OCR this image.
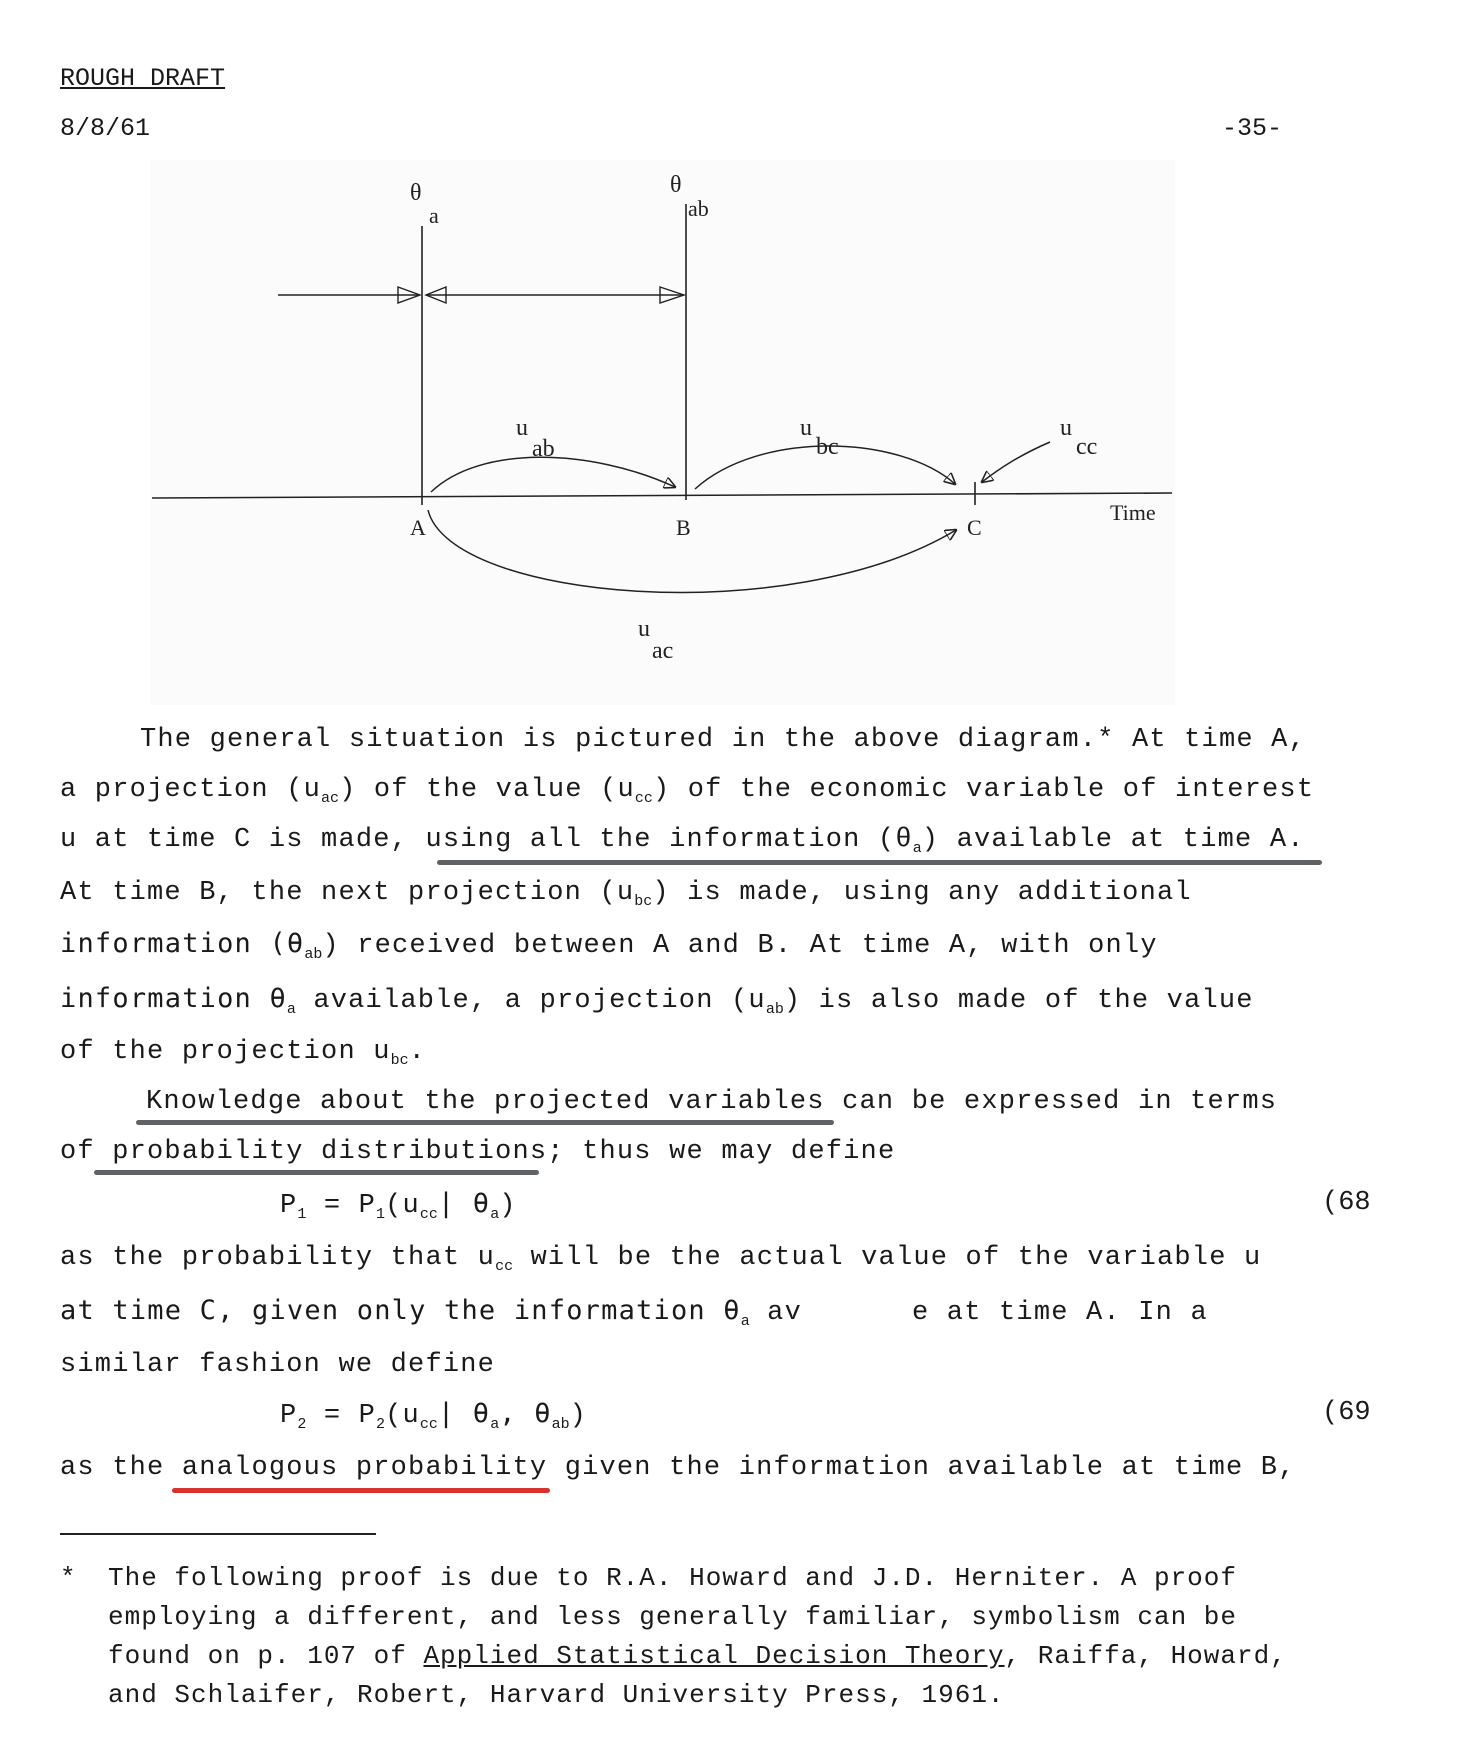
ROUGH DRAFT
8/8/61	-35-
θ
a
θ
ab
u
ab
u
bc
u
cc
u
ac
A	B	C
Time
The general situation is pictured in the above diagram.* At time A,
a projection $(u_{ac})$ of the value $(u_{cc})$ of the economic variable of interest
u at time C is made, using all the information $(\theta_a)$ available at time A.
At time B, the next projection $(u_{bc})$ is made, using any additional
information $(\theta_{ab})$ received between A and B. At time A, with only
information $\theta_a$ available, a projection $(u_{ab})$ is also made of the value
of the projection $u_{bc}$.
Knowledge about the projected variables can be expressed in terms
of probability distributions; thus we may define
$P_1 = P_1(u_{cc}|$ $\theta_a$)	(68
as the probability that $u_{cc}$ will be the actual value of the variable u
at time C, given only the information $\theta_a$ av	e at time A. In a
similar fashion we define
$P_2 = P_2(u_{cc}|$ $\theta_a$, $\theta_{ab}$)	(69
as the analogous probability given the information available at time B,
* The following proof is due to R.A. Howard and J.D. Herniter. A proof
employing a different, and less generally familiar, symbolism can be
found on p. 107 of Applied Statistical Decision Theory, Raiffa, Howard,
and Schlaifer, Robert, Harvard University Press, 1961.
